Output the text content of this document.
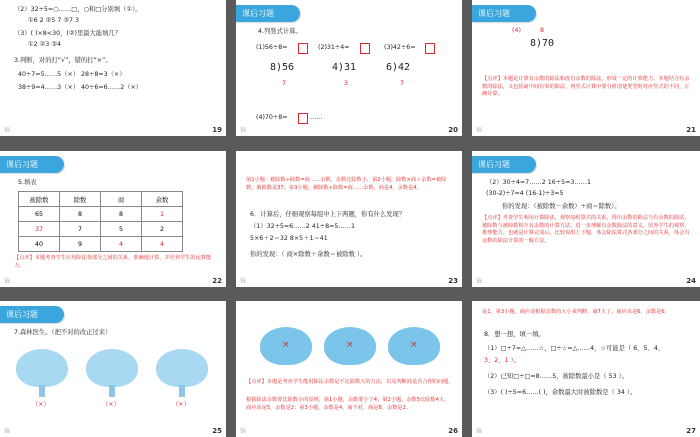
（2）32÷5=○……□，○和□分别填（①）。
①6 2 ②5 7 ③7 3
（3）( )×8<30，(②)里最大能填几？
①2 ②3 ③4
3.判断，对的打“√”，错的打“×”。
40÷7=5……5（×） 28÷8=3（×）
38÷9=4……3（×） 40÷6=6……2（×）
锦	19
课后习题
4.列竖式计算。
(1)56÷8=	(2)31÷4=	(3)42÷6=
8)56	4)31	6)42
7	3	7
(4)70÷8=	……
锦	20
课后习题
(4)	8
8)70
【点评】本题是计算有余数的除法和没有余数的除法，形成一定的计算能力。本题结合有余数的除法，又包括商中间有零的除法，列竖式计算中要分析清楚类型时对应竖式的不同，正确计算。
锦	21
课后习题
5.填表
被除数	除数	商	余数
65	8	8	1
37	7	5	2
40	9	4	4
【点评】本题考查学生应用除法各部分之间的关系，准确地计算，并培养学生的运算能力。
锦	22
第1小题：被除数÷除数=商……余数，余数比除数小，第2小题，除数×商＋余数=被除数，被除数是37；第3小题，被除数÷除数=商……余数，商是4，余数是4。
6．计算后，仔细观察每组中上下两题，你有什么发现？
（1）32÷5=6……2 41÷8=5……1
5×6＋2＝32 8×5＋1＝41
你的发现：（ 商×除数＋余数＝被除数 ）。
锦	23
课后习题
（2）30÷4=7……2 16÷5=3……1
(30-2)÷7=4 (16-1)÷3=5
你的发现：（被除数－余数）÷商＝除数）。
【点评】考查学生利用计算除法，观察每组算式的关系，得出余数的除法与有余数的除法，被除数与被除数相互有余数的计算方法，进一步理解有余数除法的意义，培养学生的观察、推理能力。也就是计算完成后，比较每组上下题，体会除法算式各部分之间的关系，体会有余数的除法计算的一般方法。
锦	24
课后习题
7.森林医生。（把不对的改正过来）
（×）	（×）	（×）
锦	25
×	×	×
【点评】本题是考查学生能用除法余数是不比除数大的方法，以及判断商是否合理的问题。
根据除法余数要比除数小的原则，第1小题，余数要小于4；第2小题，余数5比除数4大，商应该是5，余数是2；第3小题，余数是4，商不对，商是8，余数是2。
锦	26
是1，第3小题，商应该根据余数的大小来判断，商7大了，商应该是6，余数是6。
8．想一想，填一填。
（1）□÷7=△……☆，□÷☆=△……4，☆可能是（ 6、5、4、
3、2、1 ）。
（2）已知□÷□=8……5，被除数最小是（ 53 ）。
（3）( )÷5=6……( )，余数最大时被除数是（ 34 ）。
锦	27
